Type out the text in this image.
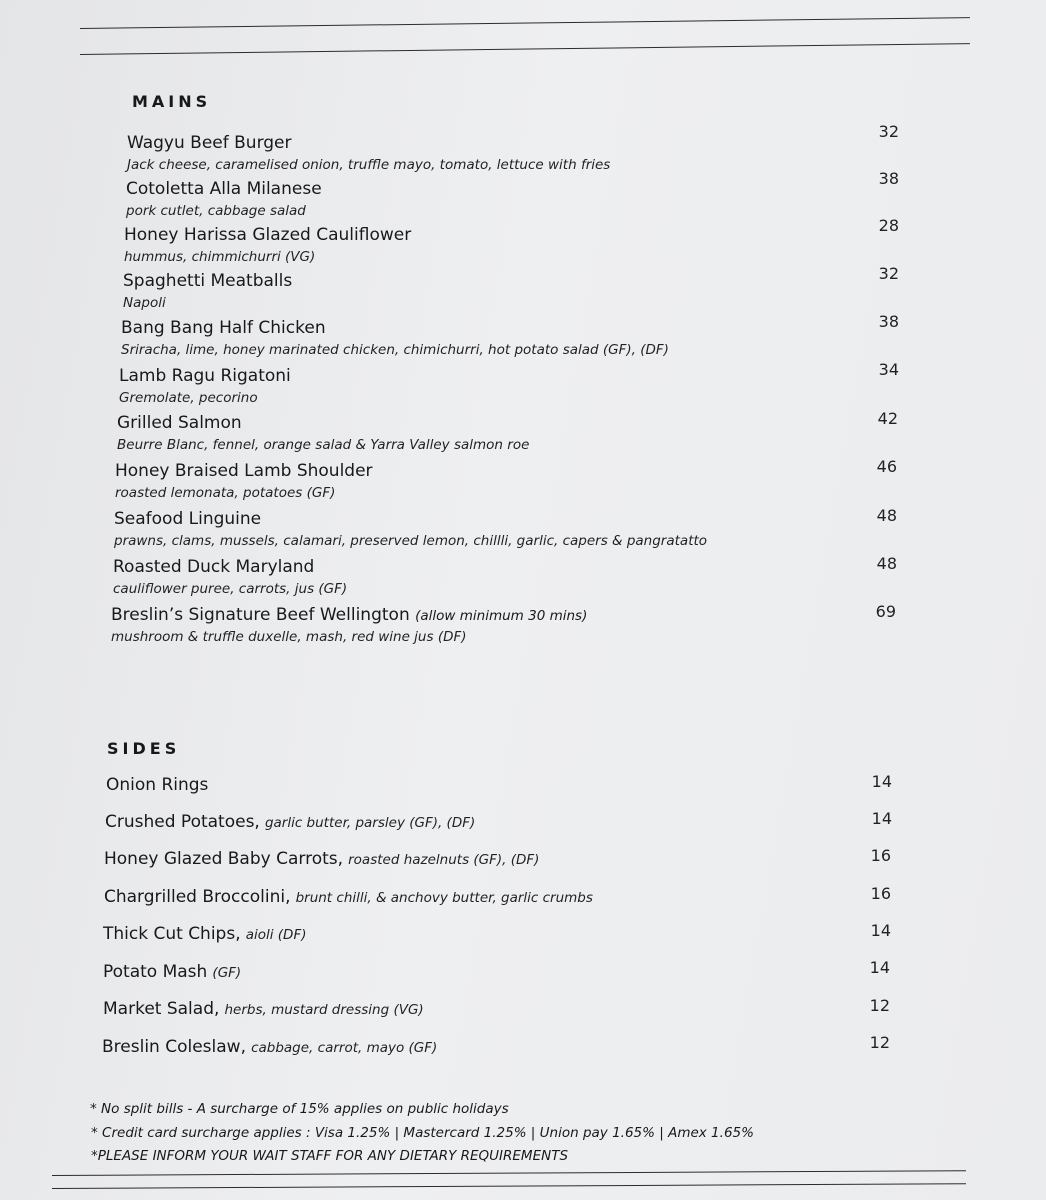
MAINS
Wagyu Beef Burger
Jack cheese, caramelised onion, truffle mayo, tomato, lettuce with fries
32
Cotoletta Alla Milanese
pork cutlet, cabbage salad
38
Honey Harissa Glazed Cauliflower
hummus, chimmichurri (VG)
28
Spaghetti Meatballs
Napoli
32
Bang Bang Half Chicken
Sriracha, lime, honey marinated chicken, chimichurri, hot potato salad (GF), (DF)
38
Lamb Ragu Rigatoni
Gremolate, pecorino
34
Grilled Salmon
Beurre Blanc, fennel, orange salad & Yarra Valley salmon roe
42
Honey Braised Lamb Shoulder
roasted lemonata, potatoes (GF)
46
Seafood Linguine
prawns, clams, mussels, calamari, preserved lemon, chillli, garlic, capers & pangratatto
48
Roasted Duck Maryland
cauliflower puree, carrots, jus (GF)
48
Breslin’s Signature Beef Wellington (allow minimum 30 mins)
mushroom & truffle duxelle, mash, red wine jus (DF)
69
SIDES
Onion Rings	14
Crushed Potatoes, garlic butter, parsley (GF), (DF)	14
Honey Glazed Baby Carrots, roasted hazelnuts (GF), (DF)	16
Chargrilled Broccolini, brunt chilli, & anchovy butter, garlic crumbs	16
Thick Cut Chips, aioli (DF)	14
Potato Mash (GF)	14
Market Salad, herbs, mustard dressing (VG)	12
Breslin Coleslaw, cabbage, carrot, mayo (GF)	12
* No split bills - A surcharge of 15% applies on public holidays
* Credit card surcharge applies : Visa 1.25% | Mastercard 1.25% | Union pay 1.65% | Amex 1.65%
*PLEASE INFORM YOUR WAIT STAFF FOR ANY DIETARY REQUIREMENTS
